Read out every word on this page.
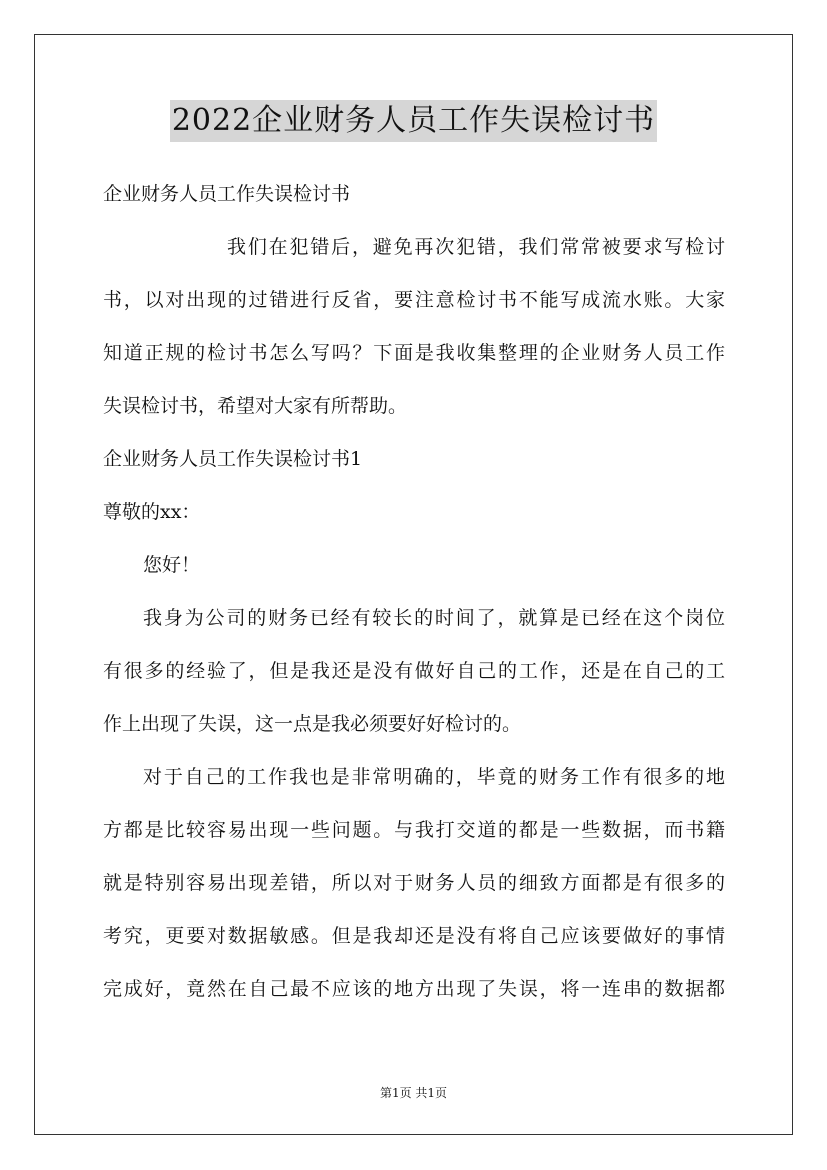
2022企业财务人员工作失误检讨书
企业财务人员工作失误检讨书
我们在犯错后，避免再次犯错，我们常常被要求写检讨
书，以对出现的过错进行反省，要注意检讨书不能写成流水账。大家
知道正规的检讨书怎么写吗？下面是我收集整理的企业财务人员工作
失误检讨书，希望对大家有所帮助。
企业财务人员工作失误检讨书1
尊敬的xx：
您好！
我身为公司的财务已经有较长的时间了，就算是已经在这个岗位
有很多的经验了，但是我还是没有做好自己的工作，还是在自己的工
作上出现了失误，这一点是我必须要好好检讨的。
对于自己的工作我也是非常明确的，毕竟的财务工作有很多的地
方都是比较容易出现一些问题。与我打交道的都是一些数据，而书籍
就是特别容易出现差错，所以对于财务人员的细致方面都是有很多的
考究，更要对数据敏感。但是我却还是没有将自己应该要做好的事情
完成好，竟然在自己最不应该的地方出现了失误，将一连串的数据都
第1页 共1页
